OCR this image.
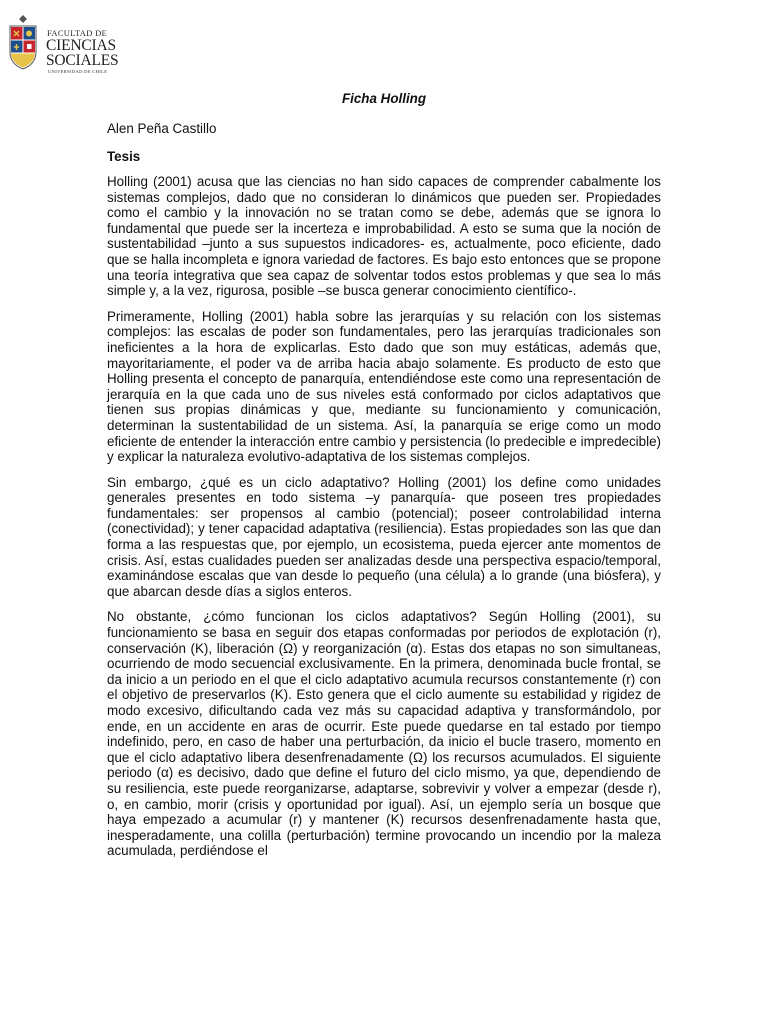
FACULTAD DE
CIENCIAS
SOCIALES
UNIVERSIDAD DE CHILE
Ficha Holling
Alen Peña Castillo
Tesis

Holling (2001) acusa que las ciencias no han sido capaces de comprender cabalmente los sistemas complejos, dado que no consideran lo dinámicos que pueden ser. Propiedades como el cambio y la innovación no se tratan como se debe, además que se ignora lo fundamental que puede ser la incerteza e improbabilidad. A esto se suma que la noción de sustentabilidad –junto a sus supuestos indicadores- es, actualmente, poco eficiente, dado que se halla incompleta e ignora variedad de factores. Es bajo esto entonces que se propone una teoría integrativa que sea capaz de solventar todos estos problemas y que sea lo más simple y, a la vez, rigurosa, posible –se busca generar conocimiento científico-.

Primeramente, Holling (2001) habla sobre las jerarquías y su relación con los sistemas complejos: las escalas de poder son fundamentales, pero las jerarquías tradicionales son ineficientes a la hora de explicarlas. Esto dado que son muy estáticas, además que, mayoritariamente, el poder va de arriba hacia abajo solamente. Es producto de esto que Holling presenta el concepto de panarquía, entendiéndose este como una representación de jerarquía en la que cada uno de sus niveles está conformado por ciclos adaptativos que tienen sus propias dinámicas y que, mediante su funcionamiento y comunicación, determinan la sustentabilidad de un sistema. Así, la panarquía se erige como un modo eficiente de entender la interacción entre cambio y persistencia (lo predecible e impredecible) y explicar la naturaleza evolutivo-adaptativa de los sistemas complejos.

Sin embargo, ¿qué es un ciclo adaptativo? Holling (2001) los define como unidades generales presentes en todo sistema –y panarquía- que poseen tres propiedades fundamentales: ser propensos al cambio (potencial); poseer controlabilidad interna (conectividad); y tener capacidad adaptativa (resiliencia). Estas propiedades son las que dan forma a las respuestas que, por ejemplo, un ecosistema, pueda ejercer ante momentos de crisis. Así, estas cualidades pueden ser analizadas desde una perspectiva espacio/temporal, examinándose escalas que van desde lo pequeño (una célula) a lo grande (una biósfera), y que abarcan desde días a siglos enteros.

No obstante, ¿cómo funcionan los ciclos adaptativos? Según Holling (2001), su funcionamiento se basa en seguir dos etapas conformadas por periodos de explotación (r), conservación (K), liberación (Ω) y reorganización (α). Estas dos etapas no son simultaneas, ocurriendo de modo secuencial exclusivamente. En la primera, denominada bucle frontal, se da inicio a un periodo en el que el ciclo adaptativo acumula recursos constantemente (r) con el objetivo de preservarlos (K). Esto genera que el ciclo aumente su estabilidad y rigidez de modo excesivo, dificultando cada vez más su capacidad adaptiva y transformándolo, por ende, en un accidente en aras de ocurrir. Este puede quedarse en tal estado por tiempo indefinido, pero, en caso de haber una perturbación, da inicio el bucle trasero, momento en que el ciclo adaptativo libera desenfrenadamente (Ω) los recursos acumulados. El siguiente periodo (α) es decisivo, dado que define el futuro del ciclo mismo, ya que, dependiendo de su resiliencia, este puede reorganizarse, adaptarse, sobrevivir y volver a empezar (desde r), o, en cambio, morir (crisis y oportunidad por igual). Así, un ejemplo sería un bosque que haya empezado a acumular (r) y mantener (K) recursos desenfrenadamente hasta que, inesperadamente, una colilla (perturbación) termine provocando un incendio por la maleza acumulada, perdiéndose el
